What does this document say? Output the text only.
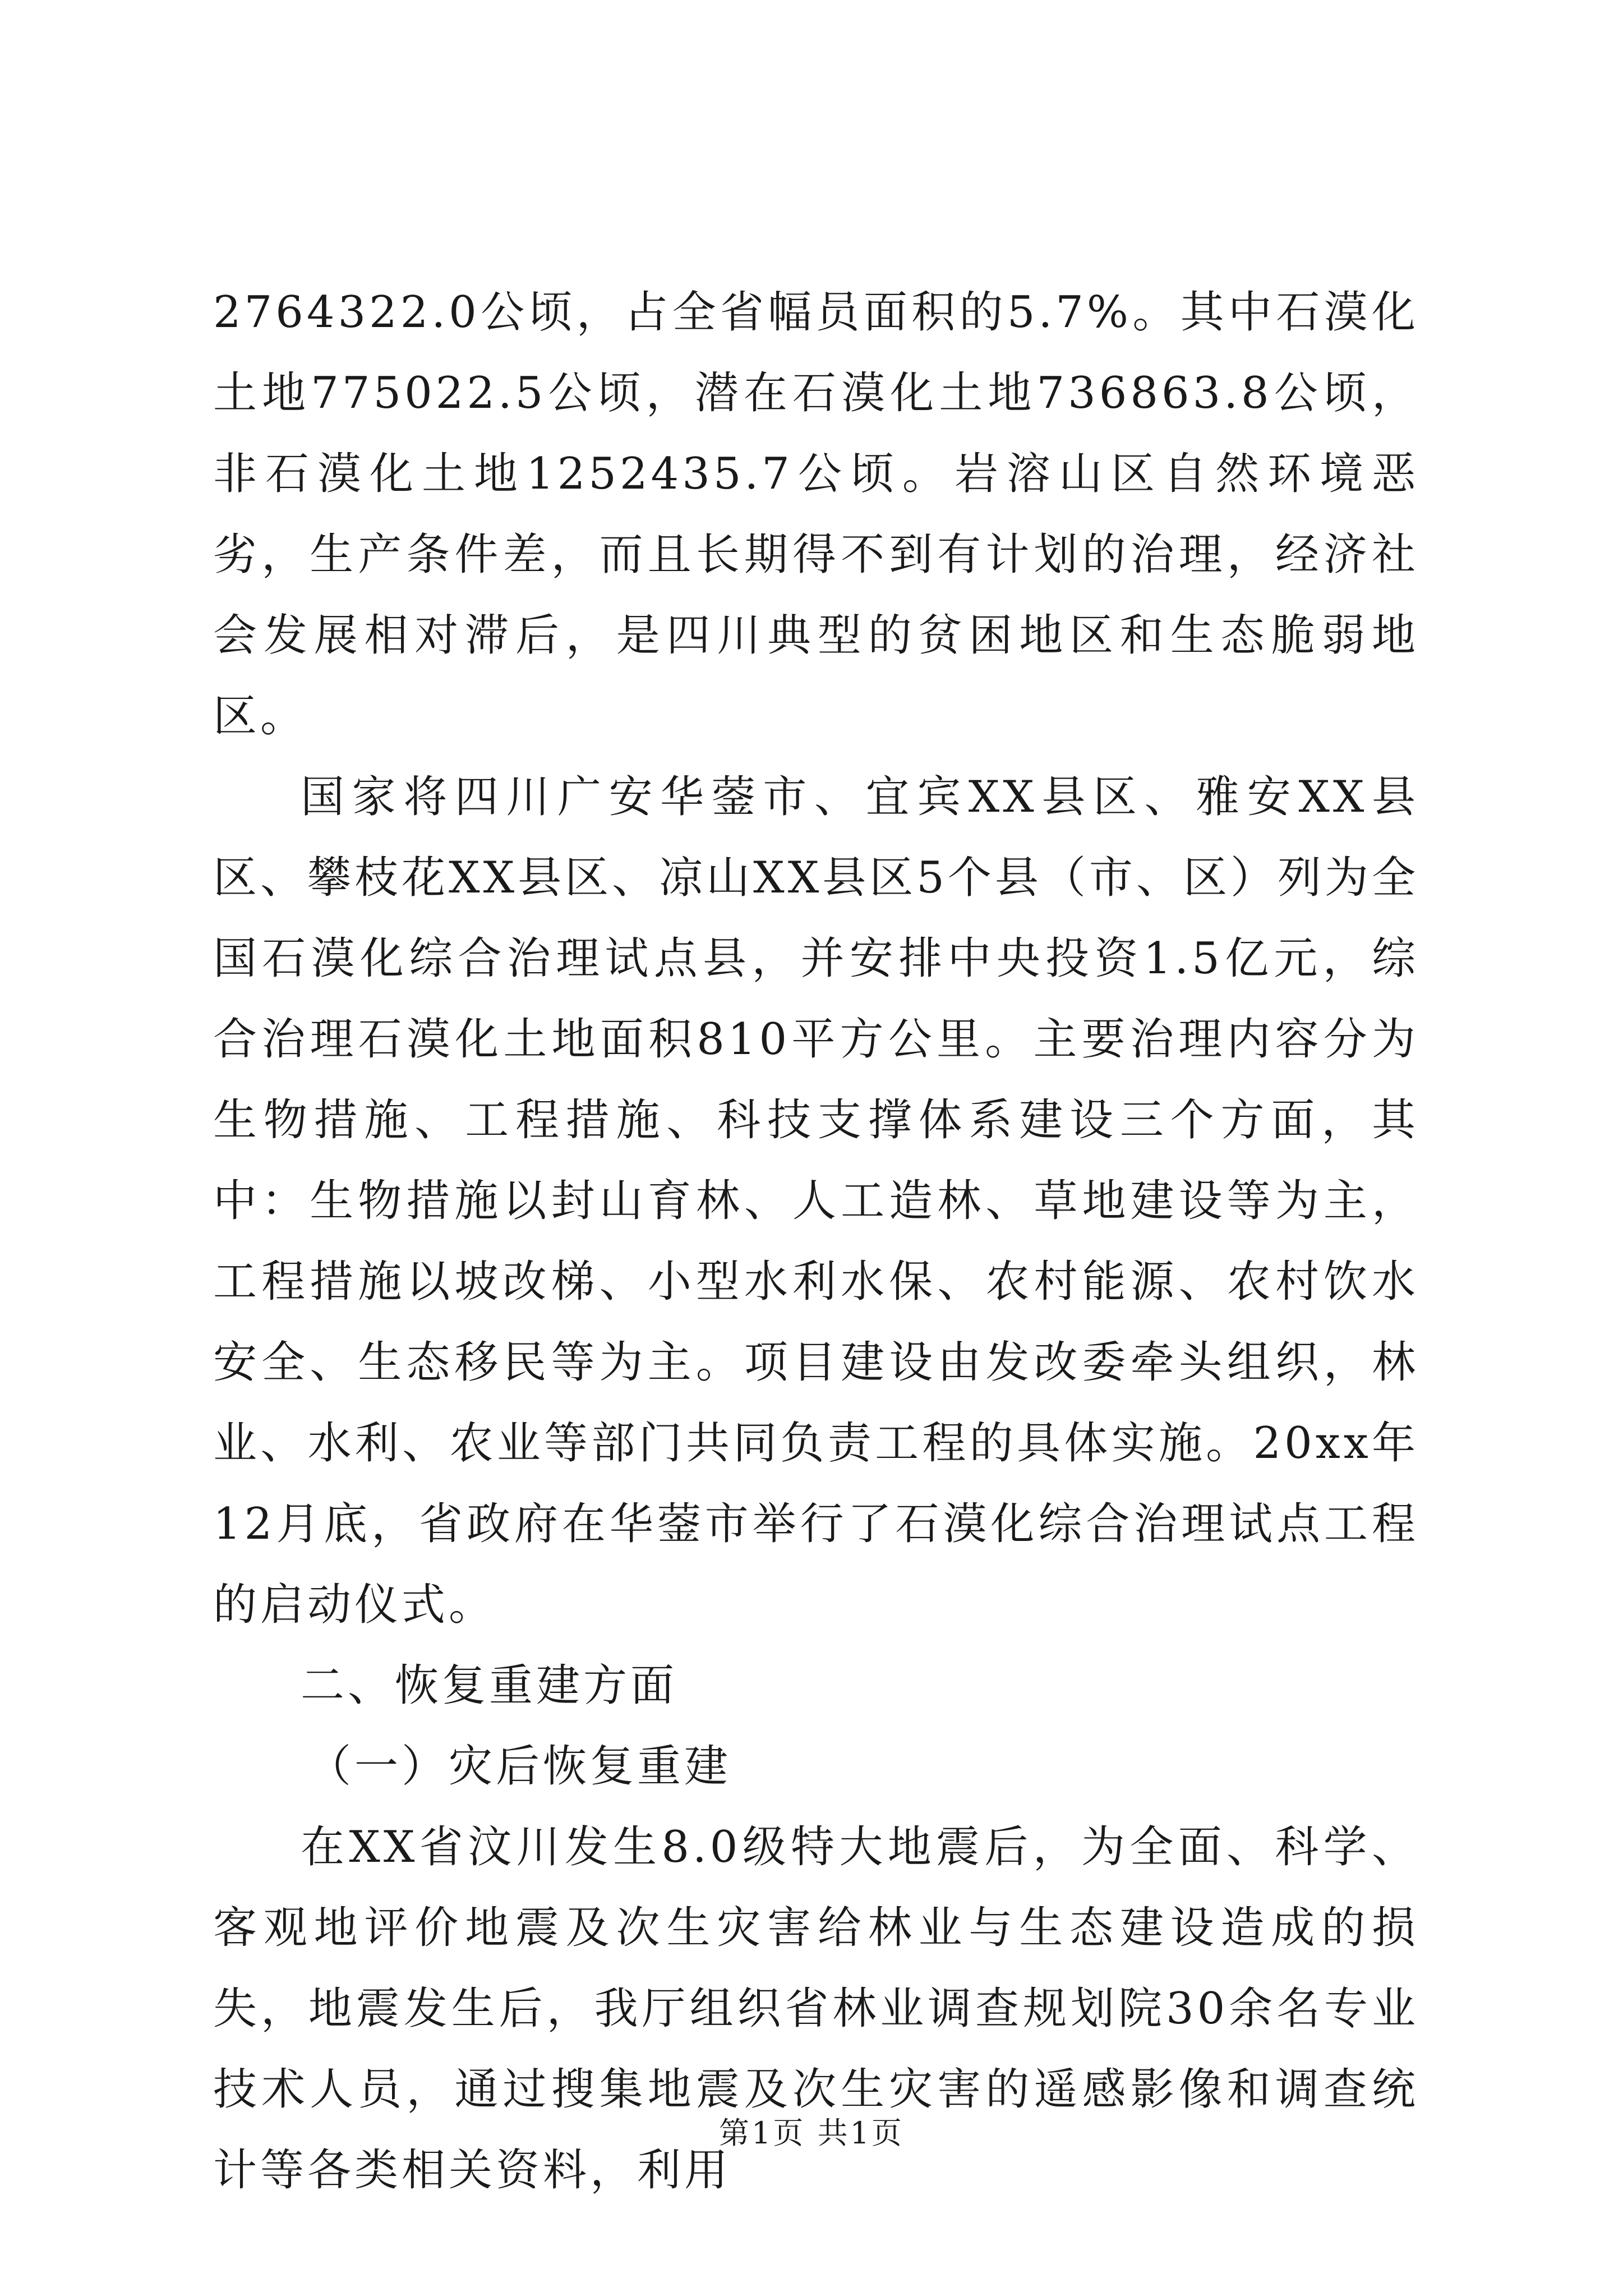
2764322.0公顷，占全省幅员面积的5.7%。其中石漠化土地775022.5公顷，潜在石漠化土地736863.8公顷，非石漠化土地1252435.7公顷。岩溶山区自然环境恶劣，生产条件差，而且长期得不到有计划的治理，经济社会发展相对滞后，是四川典型的贫困地区和生态脆弱地区。

国家将四川广安华蓥市、宜宾XX县区、雅安XX县区、攀枝花XX县区、凉山XX县区5个县（市、区）列为全国石漠化综合治理试点县，并安排中央投资1.5亿元，综合治理石漠化土地面积810平方公里。主要治理内容分为生物措施、工程措施、科技支撑体系建设三个方面，其中：生物措施以封山育林、人工造林、草地建设等为主，工程措施以坡改梯、小型水利水保、农村能源、农村饮水安全、生态移民等为主。项目建设由发改委牵头组织，林业、水利、农业等部门共同负责工程的具体实施。20xx年12月底，省政府在华蓥市举行了石漠化综合治理试点工程的启动仪式。

二、恢复重建方面

（一）灾后恢复重建

在XX省汶川发生8.0级特大地震后，为全面、科学、客观地评价地震及次生灾害给林业与生态建设造成的损失，地震发生后，我厅组织省林业调查规划院30余名专业技术人员，通过搜集地震及次生灾害的遥感影像和调查统计等各类相关资料，利用

第1页 共1页
